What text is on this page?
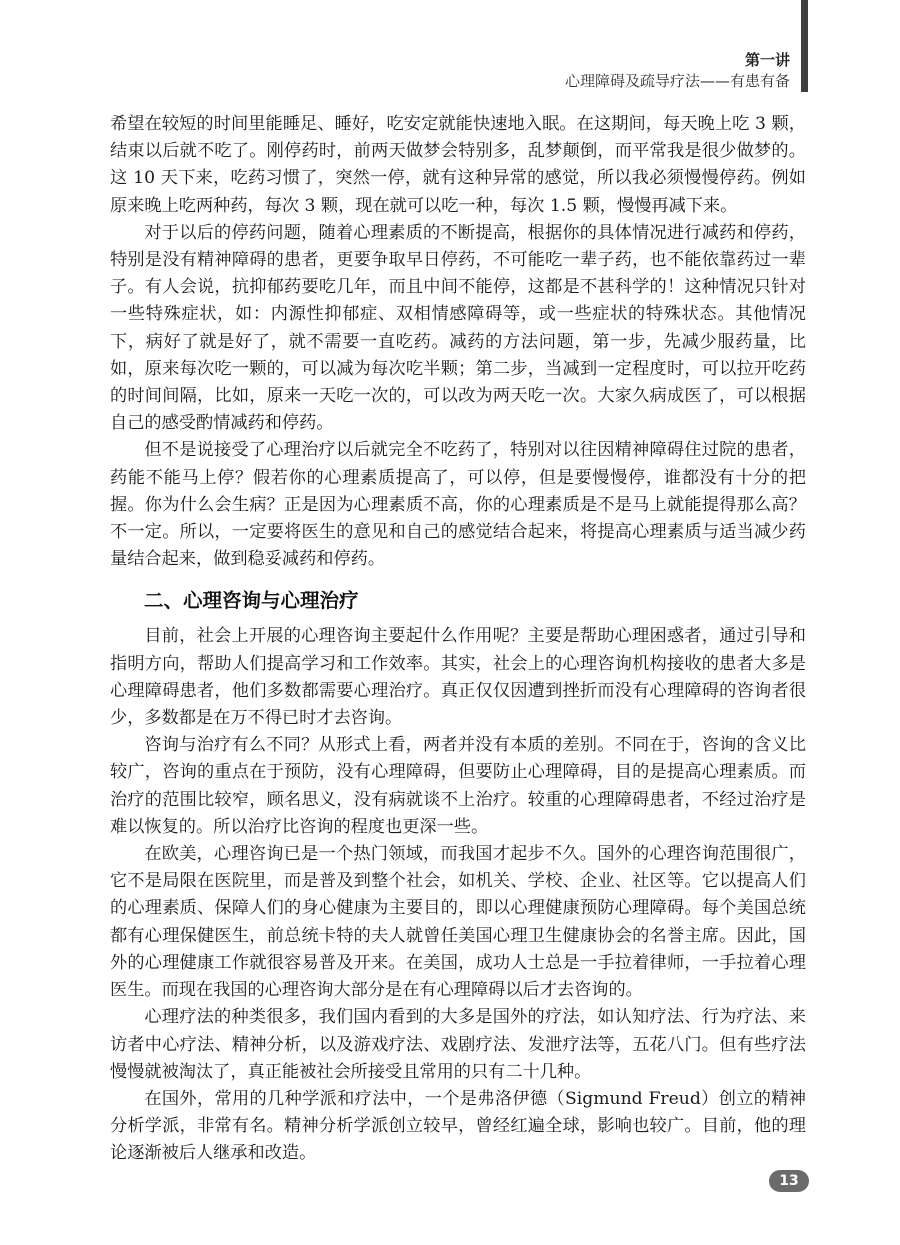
第一讲
心理障碍及疏导疗法——有患有备

希望在较短的时间里能睡足、睡好，吃安定就能快速地入眠。在这期间，每天晚上吃 3 颗，结束以后就不吃了。刚停药时，前两天做梦会特别多，乱梦颠倒，而平常我是很少做梦的。这 10 天下来，吃药习惯了，突然一停，就有这种异常的感觉，所以我必须慢慢停药。例如原来晚上吃两种药，每次 3 颗，现在就可以吃一种，每次 1.5 颗，慢慢再减下来。

对于以后的停药问题，随着心理素质的不断提高，根据你的具体情况进行减药和停药，特别是没有精神障碍的患者，更要争取早日停药，不可能吃一辈子药，也不能依靠药过一辈子。有人会说，抗抑郁药要吃几年，而且中间不能停，这都是不甚科学的！这种情况只针对一些特殊症状，如：内源性抑郁症、双相情感障碍等，或一些症状的特殊状态。其他情况下，病好了就是好了，就不需要一直吃药。减药的方法问题，第一步，先减少服药量，比如，原来每次吃一颗的，可以减为每次吃半颗；第二步，当减到一定程度时，可以拉开吃药的时间间隔，比如，原来一天吃一次的，可以改为两天吃一次。大家久病成医了，可以根据自己的感受酌情减药和停药。

但不是说接受了心理治疗以后就完全不吃药了，特别对以往因精神障碍住过院的患者，药能不能马上停？假若你的心理素质提高了，可以停，但是要慢慢停，谁都没有十分的把握。你为什么会生病？正是因为心理素质不高，你的心理素质是不是马上就能提得那么高？不一定。所以，一定要将医生的意见和自己的感觉结合起来，将提高心理素质与适当减少药量结合起来，做到稳妥减药和停药。

二、心理咨询与心理治疗

目前，社会上开展的心理咨询主要起什么作用呢？主要是帮助心理困惑者，通过引导和指明方向，帮助人们提高学习和工作效率。其实，社会上的心理咨询机构接收的患者大多是心理障碍患者，他们多数都需要心理治疗。真正仅仅因遭到挫折而没有心理障碍的咨询者很少，多数都是在万不得已时才去咨询。

咨询与治疗有么不同？从形式上看，两者并没有本质的差别。不同在于，咨询的含义比较广，咨询的重点在于预防，没有心理障碍，但要防止心理障碍，目的是提高心理素质。而治疗的范围比较窄，顾名思义，没有病就谈不上治疗。较重的心理障碍患者，不经过治疗是难以恢复的。所以治疗比咨询的程度也更深一些。

在欧美，心理咨询已是一个热门领域，而我国才起步不久。国外的心理咨询范围很广，它不是局限在医院里，而是普及到整个社会，如机关、学校、企业、社区等。它以提高人们的心理素质、保障人们的身心健康为主要目的，即以心理健康预防心理障碍。每个美国总统都有心理保健医生，前总统卡特的夫人就曾任美国心理卫生健康协会的名誉主席。因此，国外的心理健康工作就很容易普及开来。在美国，成功人士总是一手拉着律师，一手拉着心理医生。而现在我国的心理咨询大部分是在有心理障碍以后才去咨询的。

心理疗法的种类很多，我们国内看到的大多是国外的疗法，如认知疗法、行为疗法、来访者中心疗法、精神分析，以及游戏疗法、戏剧疗法、发泄疗法等，五花八门。但有些疗法慢慢就被淘汰了，真正能被社会所接受且常用的只有二十几种。

在国外，常用的几种学派和疗法中，一个是弗洛伊德（Sigmund Freud）创立的精神分析学派，非常有名。精神分析学派创立较早，曾经红遍全球，影响也较广。目前，他的理论逐渐被后人继承和改造。

13
